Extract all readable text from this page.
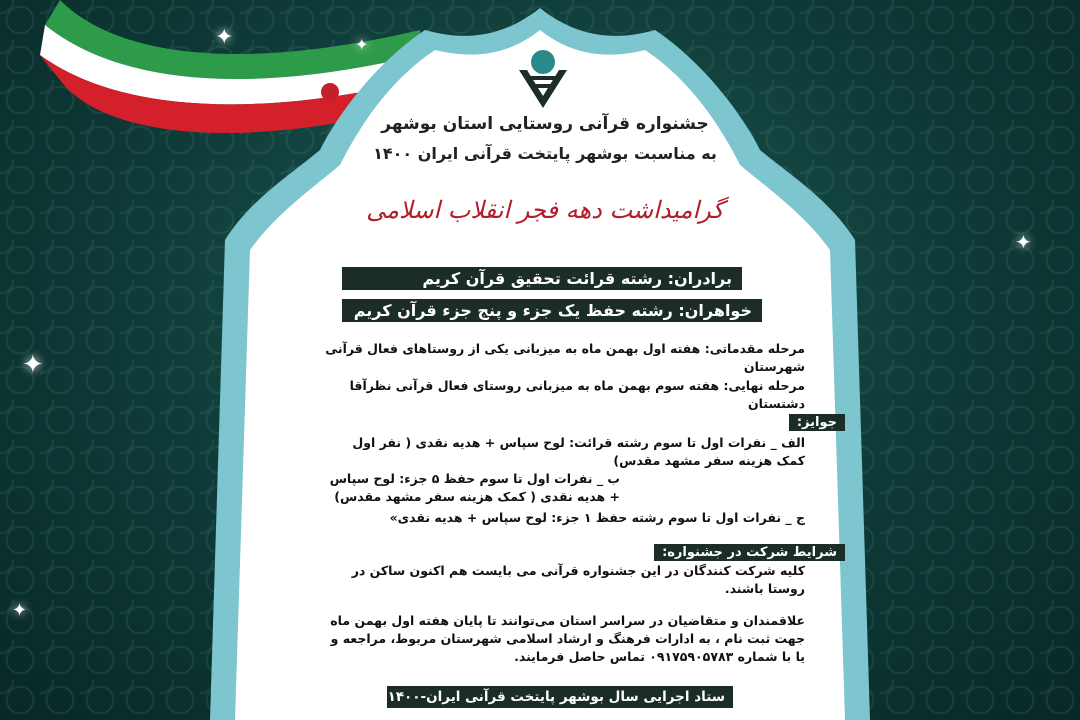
✦	✦
✦
✦
✦
جشنواره قرآنی روستایی استان بوشهر
به مناسبت بوشهر پایتخت قرآنی ایران ۱۴۰۰
گرامیداشت دهه فجر انقلاب اسلامی
برادران: رشته قرائت تحقیق قرآن کریم
خواهران: رشته حفظ یک جزء و پنج جزء قرآن کریم
مرحله مقدماتی: هفته اول بهمن ماه به میزبانی یکی از روستاهای فعال قرآنی شهرستان
مرحله نهایی: هفته سوم بهمن ماه به میزبانی روستای فعال قرآنی نظرآقا دشتستان
جوایز:
الف _ نفرات اول تا سوم رشته قرائت: لوح سپاس + هدیه نقدی ( نفر اول کمک هزینه سفر مشهد مقدس)
ب _ نفرات اول تا سوم حفظ ۵ جزء: لوح سپاس + هدیه نقدی ( کمک هزینه سفر مشهد مقدس)
ج _ نفرات اول تا سوم رشته حفظ ۱ جزء: لوح سپاس + هدیه نقدی»
شرایط شرکت در جشنواره:
کلیه شرکت کنندگان در این جشنواره قرآنی می بایست هم اکنون ساکن در روستا باشند.
علاقمندان و متقاضیان در سراسر استان می‌توانند تا پایان هفته اول بهمن ماه جهت ثبت نام ، به ادارات فرهنگ و ارشاد اسلامی شهرستان مربوط، مراجعه و یا با شماره ۰۹۱۷۵۹۰۵۷۸۳ تماس حاصل فرمایند.
ستاد اجرایی سال بوشهر پایتخت قرآنی ایران-۱۴۰۰
